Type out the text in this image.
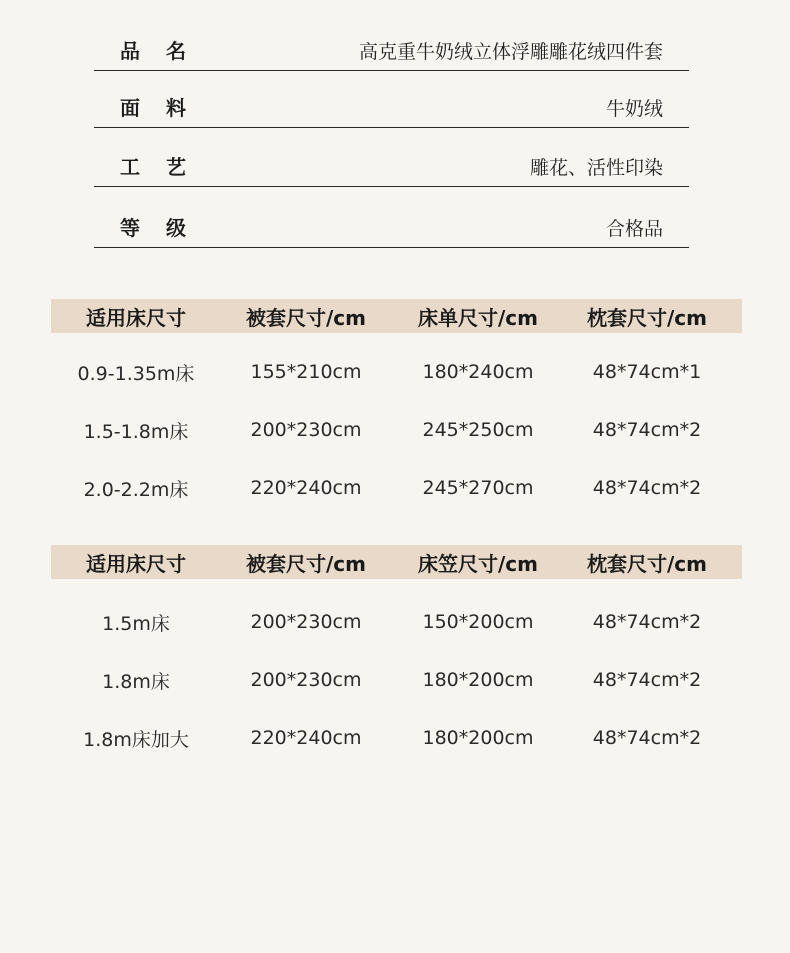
品名	高克重牛奶绒立体浮雕雕花绒四件套
面料	牛奶绒
工艺	雕花、活性印染
等级	合格品
适用床尺寸	被套尺寸/cm	床单尺寸/cm	枕套尺寸/cm
0.9-1.35m床	155*210cm	180*240cm	48*74cm*1
1.5-1.8m床	200*230cm	245*250cm	48*74cm*2
2.0-2.2m床	220*240cm	245*270cm	48*74cm*2
适用床尺寸	被套尺寸/cm	床笠尺寸/cm	枕套尺寸/cm
1.5m床	200*230cm	150*200cm	48*74cm*2
1.8m床	200*230cm	180*200cm	48*74cm*2
1.8m床加大	220*240cm	180*200cm	48*74cm*2
